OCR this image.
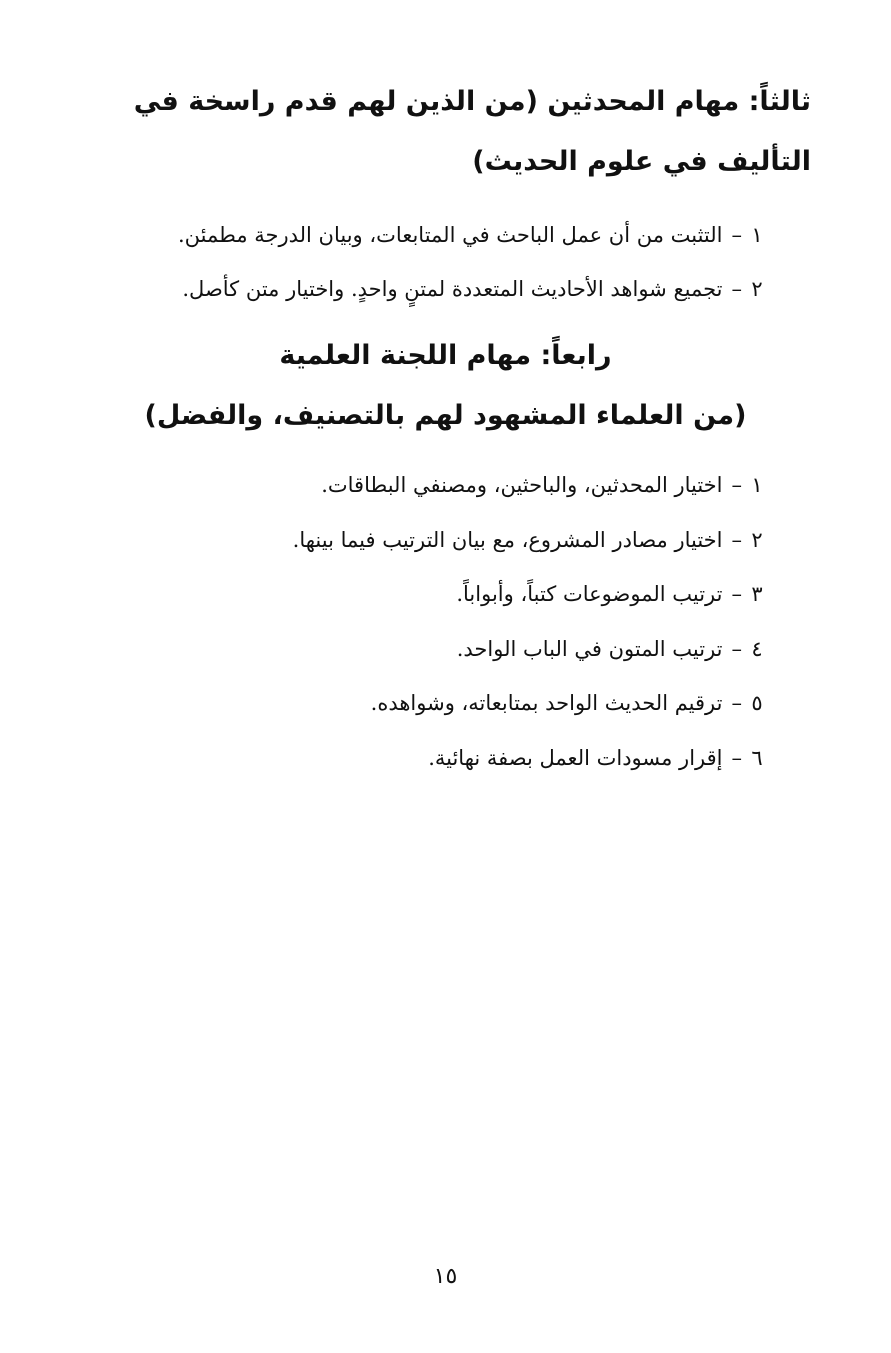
ثالثاً: مهام المحدثين (من الذين لهم قدم راسخة في التأليف في علوم الحديث)
١–التثبت من أن عمل الباحث في المتابعات، وبيان الدرجة مطمئن.
٢–تجميع شواهد الأحاديث المتعددة لمتنٍ واحدٍ. واختيار متن كأصل.
رابعاً: مهام اللجنة العلمية
(من العلماء المشهود لهم بالتصنيف، والفضل)
١–اختيار المحدثين، والباحثين، ومصنفي البطاقات.
٢–اختيار مصادر المشروع، مع بيان الترتيب فيما بينها.
٣–ترتيب الموضوعات كتباً، وأبواباً.
٤–ترتيب المتون في الباب الواحد.
٥–ترقيم الحديث الواحد بمتابعاته، وشواهده.
٦–إقرار مسودات العمل بصفة نهائية.
١٥
